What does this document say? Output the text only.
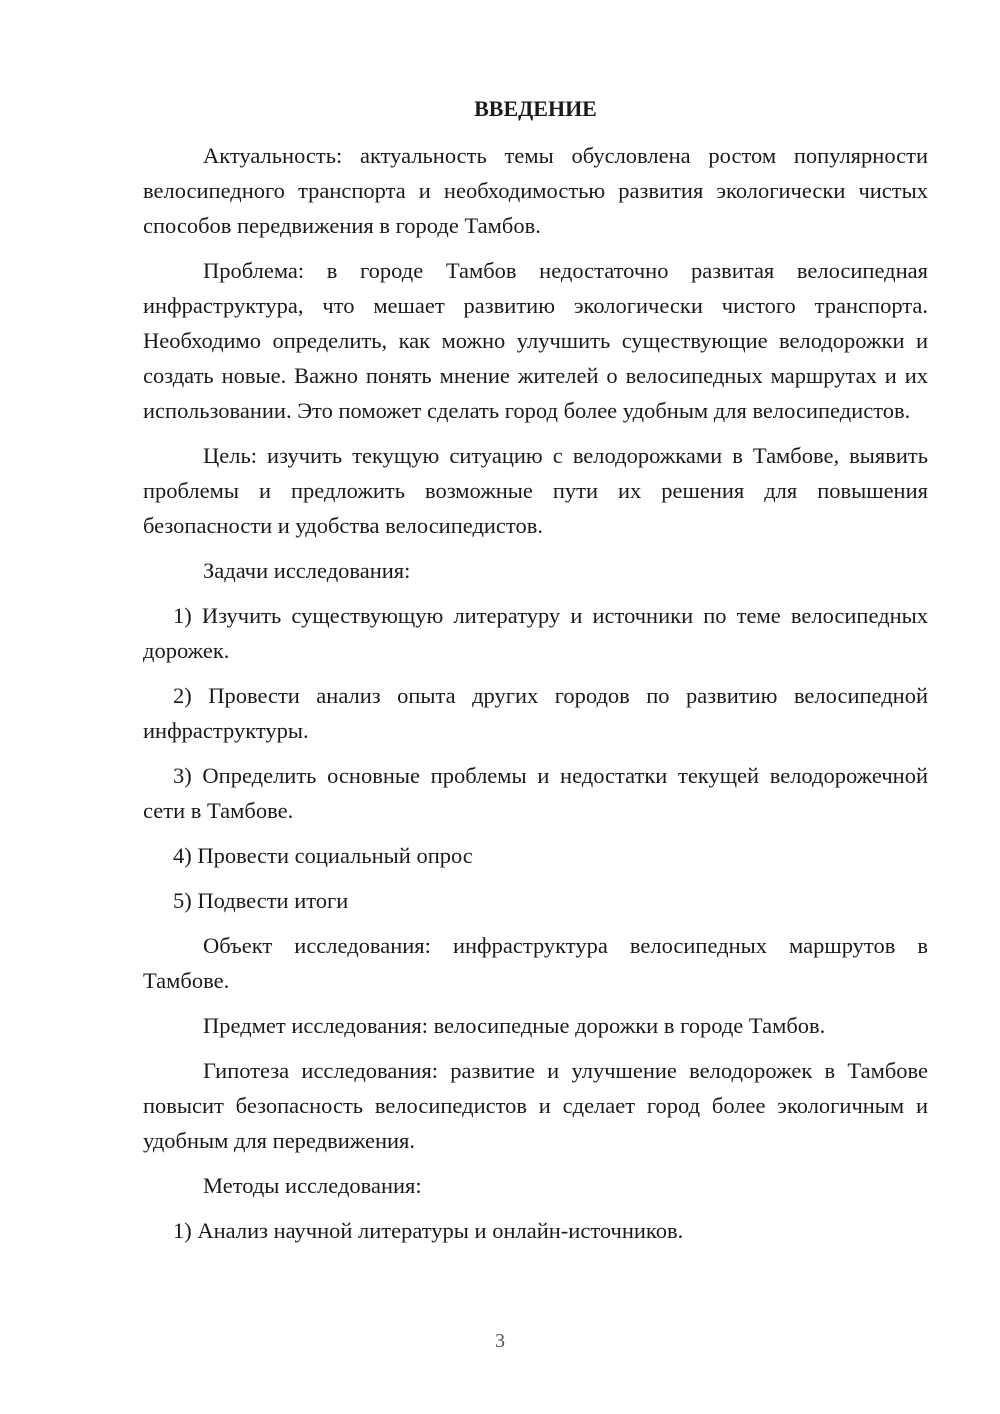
ВВЕДЕНИЕ

Актуальность: актуальность темы обусловлена ростом популярности велосипедного транспорта и необходимостью развития экологически чистых способов передвижения в городе Тамбов.

Проблема: в городе Тамбов недостаточно развитая велосипедная инфраструктура, что мешает развитию экологически чистого транспорта. Необходимо определить, как можно улучшить существующие велодорожки и создать новые. Важно понять мнение жителей о велосипедных маршрутах и их использовании. Это поможет сделать город более удобным для велосипедистов.

Цель: изучить текущую ситуацию с велодорожками в Тамбове, выявить проблемы и предложить возможные пути их решения для повышения безопасности и удобства велосипедистов.

Задачи исследования:

1) Изучить существующую литературу и источники по теме велосипедных дорожек.

2) Провести анализ опыта других городов по развитию велосипедной инфраструктуры.

3) Определить основные проблемы и недостатки текущей велодорожечной сети в Тамбове.

4) Провести социальный опрос

5) Подвести итоги

Объект исследования: инфраструктура велосипедных маршрутов в Тамбове.

Предмет исследования: велосипедные дорожки в городе Тамбов.

Гипотеза исследования: развитие и улучшение велодорожек в Тамбове повысит безопасность велосипедистов и сделает город более экологичным и удобным для передвижения.

Методы исследования:

1) Анализ научной литературы и онлайн-источников.

3
